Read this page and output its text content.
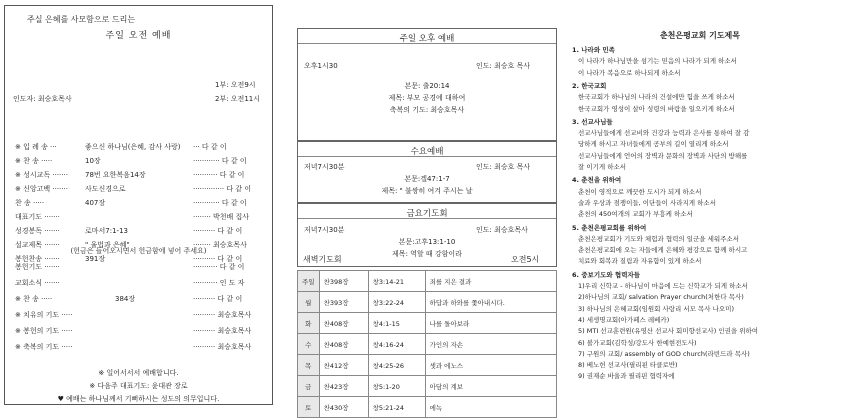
주실 은혜를 사모함으로 드리는
주일 오전 예배
1부: 오전9시
인도자: 최승호목사	2부: 오전11시
※ 입 례 송 ···	좋으신 하나님(은혜, 감사 사랑) ··· 다 같 이
※ 찬 송 ·····	10장	············ 다 같 이
※ 성시교독 ······· 78번 요한복음14장	··········· 다 같 이
※ 신앙고백 ······· 사도신경으로	·············· 다 같 이
찬 송 ·····	407장	············ 다 같 이
대표기도 ·······	········ 박천배 집사
성경봉독 ·······	로마서7:1-13	·········· 다 같 이
설교제목 ·······	" 율법과 은혜"	········ 최승호목사
봉헌찬송 ·······	391장	·········· 다 같 이
(헌금은 들어오시면서 헌금함에 넣어 주세요)
봉헌기도 ·······	··········· 다 같 이
교회소식 ·······	··········· 인 도 자
※ 찬 송 ·····	384장	·········· 다 같 이
※ 치유의 기도 ·····	·········· 최승호목사
※ 봉헌의 기도 ·····	·········· 최승호목사
※ 축복의 기도 ·····	·········· 최승호목사
※ 일어서서서 예배합니다.
※ 다음주 대표기도: 윤대관 장로
♥ 예배는 하나님께서 기뻐하시는 성도의 의무입니다.
주일 오후 예배
오후1시30	인도: 최승호 목사
본문: 출20:14
제목: 부모 공경에 대하여
축복의 기도: 최승호목사
수요예배
저녁7시30분	인도: 최승호 목사
본문:겔47:1-7
제목: " 불쌍히 여겨 주시는 날
금요기도회
저녁7시30분	인도: 최승호목사
본문:고후13:1-10
제목: 역할 때 강함이라
새벽기도회	오전5시
주일	찬398장	창3:14-21	죄를 지은 결과
월	찬393장	창3:22-24	하답과 하와를 쫓아내시다.
화	찬408장	창4:1-15	나를 돌아보라
수	찬408장	창4:16-24	가인의 자손
목	찬412장	창4:25-26	셋과 에노스
금	찬423장	창5:1-20	아담의 계보
토	찬430장	창5:21-24	에녹
춘천은평교회 기도제목
1. 나라와 민족
이 나라가 하나님만을 섬기는 믿음의 나라가 되게 하소서
이 나라가 복음으로 하나되게 하소서
2. 한국교회
한국교회가 하나님의 나라의 건설에만 힘을 쓰게 하소서
한국교회가 영성이 살아 성령의 바람을 일으키게 하소서
3. 선교사님들
선교사님들에게 선교비와 건강과 능력과 은사를 통하여 잘 감
당하게 하시고 자녀들에게 공부의 길이 열리게 하소서
선교사님들에게 언어의 장벽과 문화의 장벽과 사단의 방해를
잘 이기게 하소서
4. 춘천을 위하여
춘천이 영적으로 깨끗한 도시가 되게 하소서
술과 우상과 점쟁이들, 이단들이 사라지게 하소서
춘천의 450여개의 교회가 부흥케 하소서
5. 춘천은평교회를 위하여
춘천은평교회가 기도와 체험과 협력의 일군을 세워주소서
춘천은평교회에 오는 자들에게 은혜와 평강으로 함께 하시고
치료와 회복과 질림과 자유함이 있게 하소서
6. 중보기도와 협력자들
1)우리 신학교 - 하나님이 마음에 드는 신학교가 되게 하소서
2)하나님의 교회/ salvation Prayer church(처한다 목사)
3) 하나님의 은혜교회(임원회 사랑리 서모 목사 나오미)
4) 세생명교회(아가페스 레베카)
5) MTI 선교훈련원(유영산 선교사 회미향선교사) 인권을 위하여
6) 볼가교회(김학성/강도사 한예현전도사)
7) 구원의 교회/ assembly of GOD church(라빈드라 목사)
8) 베노헌 선교사(필리핀 타클로반)
9) 권재순 바울과 필리핀 협력자에
